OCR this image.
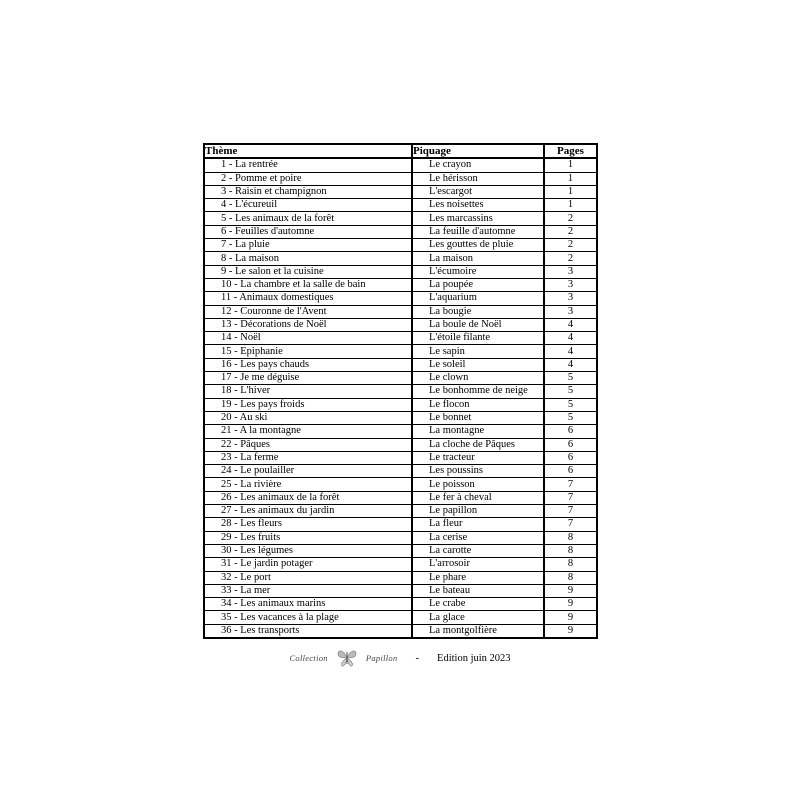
Thème	Piquage	Pages
1 - La rentrée	Le crayon	1
2 - Pomme et poire	Le hérisson	1
3 - Raisin et champignon	L'escargot	1
4 - L'écureuil	Les noisettes	1
5 - Les animaux de la forêt	Les marcassins	2
6 - Feuilles d'automne	La feuille d'automne	2
7 - La pluie	Les gouttes de pluie	2
8 - La maison	La maison	2
9 - Le salon et la cuisine	L'écumoire	3
10 - La chambre et la salle de bain	La poupée	3
11 - Animaux domestiques	L'aquarium	3
12 - Couronne de l'Avent	La bougie	3
13 - Décorations de Noël	La boule de Noël	4
14 - Noël	L'étoile filante	4
15 - Epiphanie	Le sapin	4
16 - Les pays chauds	Le soleil	4
17 - Je me déguise	Le clown	5
18 - L'hiver	Le bonhomme de neige	5
19 - Les pays froids	Le flocon	5
20 - Au ski	Le bonnet	5
21 - A la montagne	La montagne	6
22 - Pâques	La cloche de Pâques	6
23 - La ferme	Le tracteur	6
24 - Le poulailler	Les poussins	6
25 - La rivière	Le poisson	7
26 - Les animaux de la forêt	Le fer à cheval	7
27 - Les animaux du jardin	Le papillon	7
28 - Les fleurs	La fleur	7
29 - Les fruits	La cerise	8
30 - Les légumes	La carotte	8
31 - Le jardin potager	L'arrosoir	8
32 - Le port	Le phare	8
33 - La mer	Le bateau	9
34 - Les animaux marins	Le crabe	9
35 - Les vacances à la plage	La glace	9
36 - Les transports	La montgolfière	9
Collection	Papillon - Edition juin 2023
